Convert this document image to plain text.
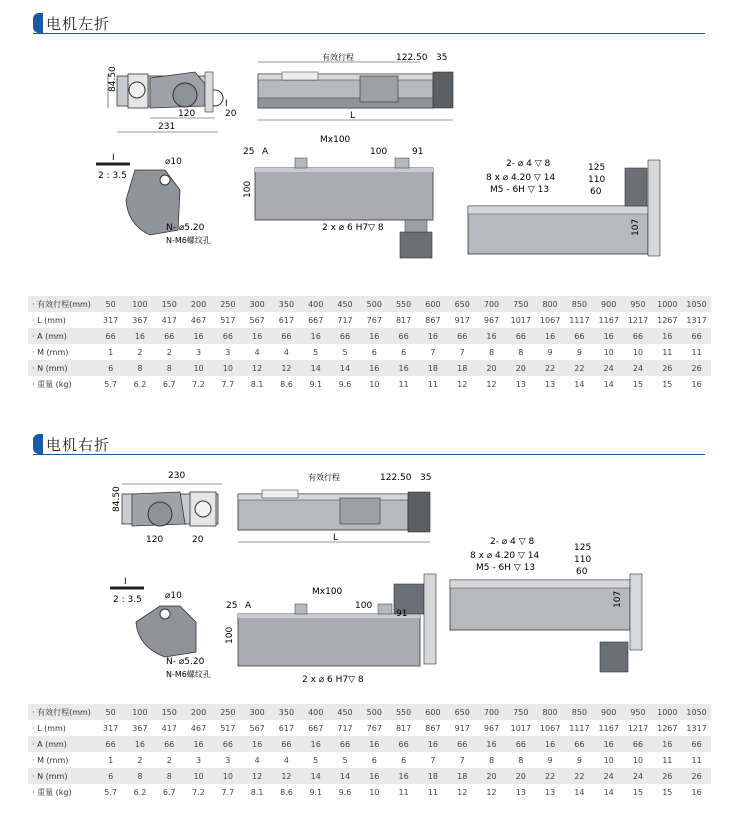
电机左折
84.50
120	20
I
231
有效行程	122.50 35
L
I
2 : 3.5
⌀10
N- ⌀5.20
N-M6螺纹孔
25 A
Mx100
100	91
100
2 x ⌀ 6 H7▽ 8
2- ⌀ 4 ▽ 8
8 x ⌀ 4.20 ▽ 14
M5 - 6H ▽ 13
125
110
60
107
· 有效行程(mm)	50	100	150	200	250	300	350	400	450	500	550	600	650	700	750	800	850	900	950	1000	1050
· L (mm)	317	367	417	467	517	567	617	667	717	767	817	867	917	967	1017	1067	1117	1167	1217	1267	1317
· A (mm)	66	16	66	16	66	16	66	16	66	16	66	16	66	16	66	16	66	16	66	16	66
· M (mm)	1	2	2	3	3	4	4	5	5	6	6	7	7	8	8	9	9	10	10	11	11
· N (mm)	6	8	8	10	10	12	12	14	14	16	16	18	18	20	20	22	22	24	24	26	26
· 重量 (kg)	5.7	6.2	6.7	7.2	7.7	8.1	8.6	9.1	9.6	10	11	11	12	12	13	13	14	14	15	15	16
电机右折
230
84.50
120	20
有效行程	122.50 35
L
I
2 : 3.5	⌀10
N- ⌀5.20
N-M6螺纹孔
25 A
Mx100
100
91
100
2 x ⌀ 6 H7▽ 8
2- ⌀ 4 ▽ 8
8 x ⌀ 4.20 ▽ 14
M5 - 6H ▽ 13
125
110
60
107
· 有效行程(mm)	50	100	150	200	250	300	350	400	450	500	550	600	650	700	750	800	850	900	950	1000	1050
· L (mm)	317	367	417	467	517	567	617	667	717	767	817	867	917	967	1017	1067	1117	1167	1217	1267	1317
· A (mm)	66	16	66	16	66	16	66	16	66	16	66	16	66	16	66	16	66	16	66	16	66
· M (mm)	1	2	2	3	3	4	4	5	5	6	6	7	7	8	8	9	9	10	10	11	11
· N (mm)	6	8	8	10	10	12	12	14	14	16	16	18	18	20	20	22	22	24	24	26	26
· 重量 (kg)	5.7	6.2	6.7	7.2	7.7	8.1	8.6	9.1	9.6	10	11	11	12	12	13	13	14	14	15	15	16
